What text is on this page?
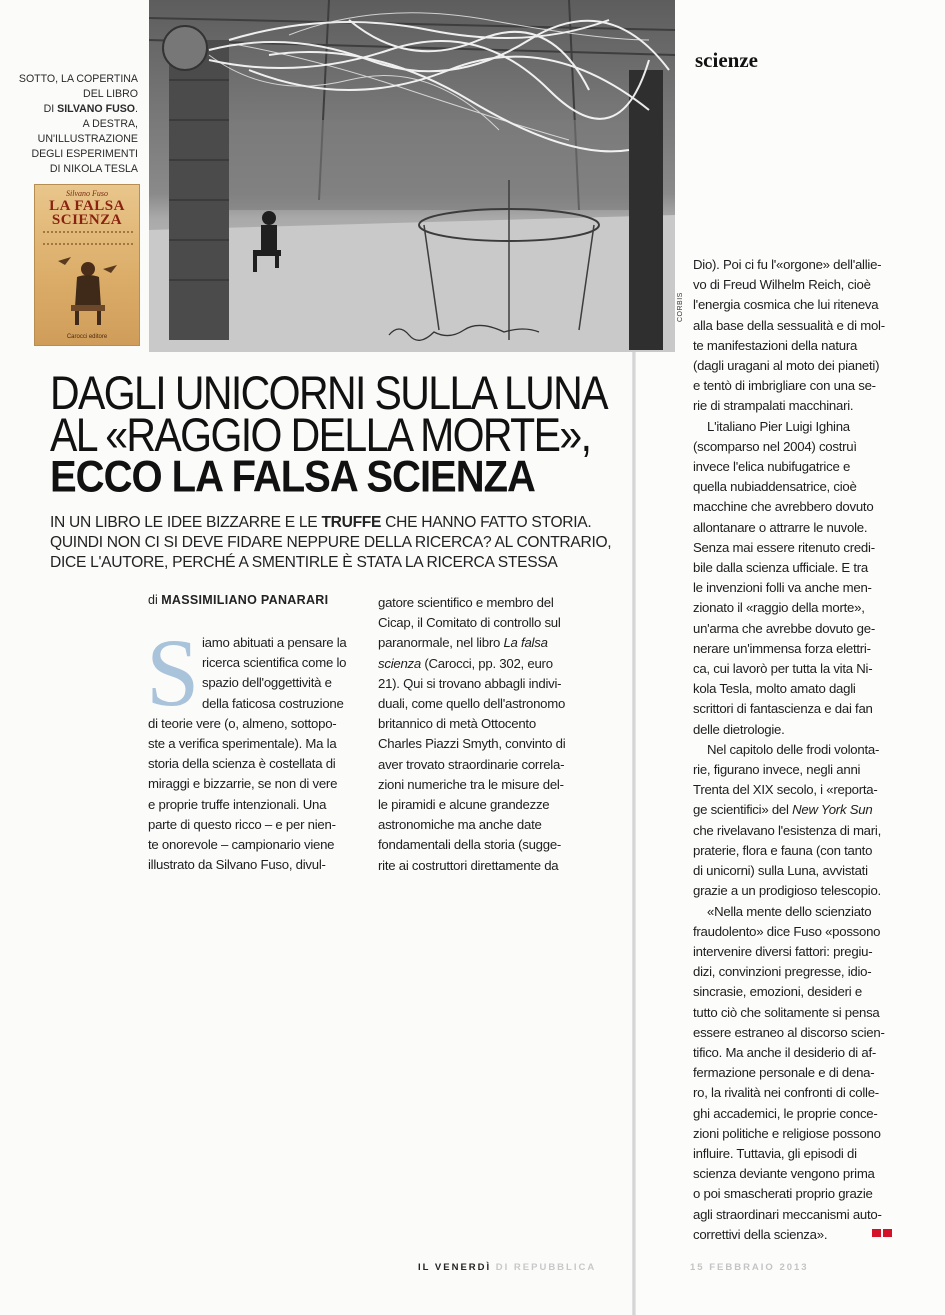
SOTTO, LA COPERTINA
DEL LIBRO
DI SILVANO FUSO.
A DESTRA,
UN'ILLUSTRAZIONE
DEGLI ESPERIMENTI
DI NIKOLA TESLA
Silvano Fuso
LA FALSA
SCIENZA
Carocci editore
CORBIS
scienze
DAGLI UNICORNI SULLA LUNA
AL «RAGGIO DELLA MORTE»,
ECCO LA FALSA SCIENZA
IN UN LIBRO LE IDEE BIZZARRE E LE TRUFFE CHE HANNO FATTO STORIA.
QUINDI NON CI SI DEVE FIDARE NEPPURE DELLA RICERCA? AL CONTRARIO,
DICE L'AUTORE, PERCHÉ A SMENTIRLE È STATA LA RICERCA STESSA
di MASSIMILIANO PANARARI
S iamo abituati a pensare la
ricerca scientifica come lo
spazio dell'oggettività e
della faticosa costruzione
di teorie vere (o, almeno, sottopo-
ste a verifica sperimentale). Ma la
storia della scienza è costellata di
miraggi e bizzarrie, se non di vere
e proprie truffe intenzionali. Una
parte di questo ricco – e per nien-
te onorevole – campionario viene
illustrato da Silvano Fuso, divul-
gatore scientifico e membro del
Cicap, il Comitato di controllo sul
paranormale, nel libro La falsa
scienza (Carocci, pp. 302, euro
21). Qui si trovano abbagli indivi-
duali, come quello dell'astronomo
britannico di metà Ottocento
Charles Piazzi Smyth, convinto di
aver trovato straordinarie correla-
zioni numeriche tra le misure del-
le piramidi e alcune grandezze
astronomiche ma anche date
fondamentali della storia (sugge-
rite ai costruttori direttamente da
Dio). Poi ci fu l'«orgone» dell'allie-
vo di Freud Wilhelm Reich, cioè
l'energia cosmica che lui riteneva
alla base della sessualità e di mol-
te manifestazioni della natura
(dagli uragani al moto dei pianeti)
e tentò di imbrigliare con una se-
rie di strampalati macchinari.
L'italiano Pier Luigi Ighina
(scomparso nel 2004) costruì
invece l'elica nubifugatrice e
quella nubiaddensatrice, cioè
macchine che avrebbero dovuto
allontanare o attrarre le nuvole.
Senza mai essere ritenuto credi-
bile dalla scienza ufficiale. E tra
le invenzioni folli va anche men-
zionato il «raggio della morte»,
un'arma che avrebbe dovuto ge-
nerare un'immensa forza elettri-
ca, cui lavorò per tutta la vita Ni-
kola Tesla, molto amato dagli
scrittori di fantascienza e dai fan
delle dietrologie.
Nel capitolo delle frodi volonta-
rie, figurano invece, negli anni
Trenta del XIX secolo, i «reporta-
ge scientifici» del New York Sun
che rivelavano l'esistenza di mari,
praterie, flora e fauna (con tanto
di unicorni) sulla Luna, avvistati
grazie a un prodigioso telescopio.
«Nella mente dello scienziato
fraudolento» dice Fuso «possono
intervenire diversi fattori: pregiu-
dizi, convinzioni pregresse, idio-
sincrasie, emozioni, desideri e
tutto ciò che solitamente si pensa
essere estraneo al discorso scien-
tifico. Ma anche il desiderio di af-
fermazione personale e di dena-
ro, la rivalità nei confronti di colle-
ghi accademici, le proprie conce-
zioni politiche e religiose possono
influire. Tuttavia, gli episodi di
scienza deviante vengono prima
o poi smascherati proprio grazie
agli straordinari meccanismi auto-
correttivi della scienza».
IL VENERDÌ DI REPUBBLICA	15 FEBBRAIO 2013
